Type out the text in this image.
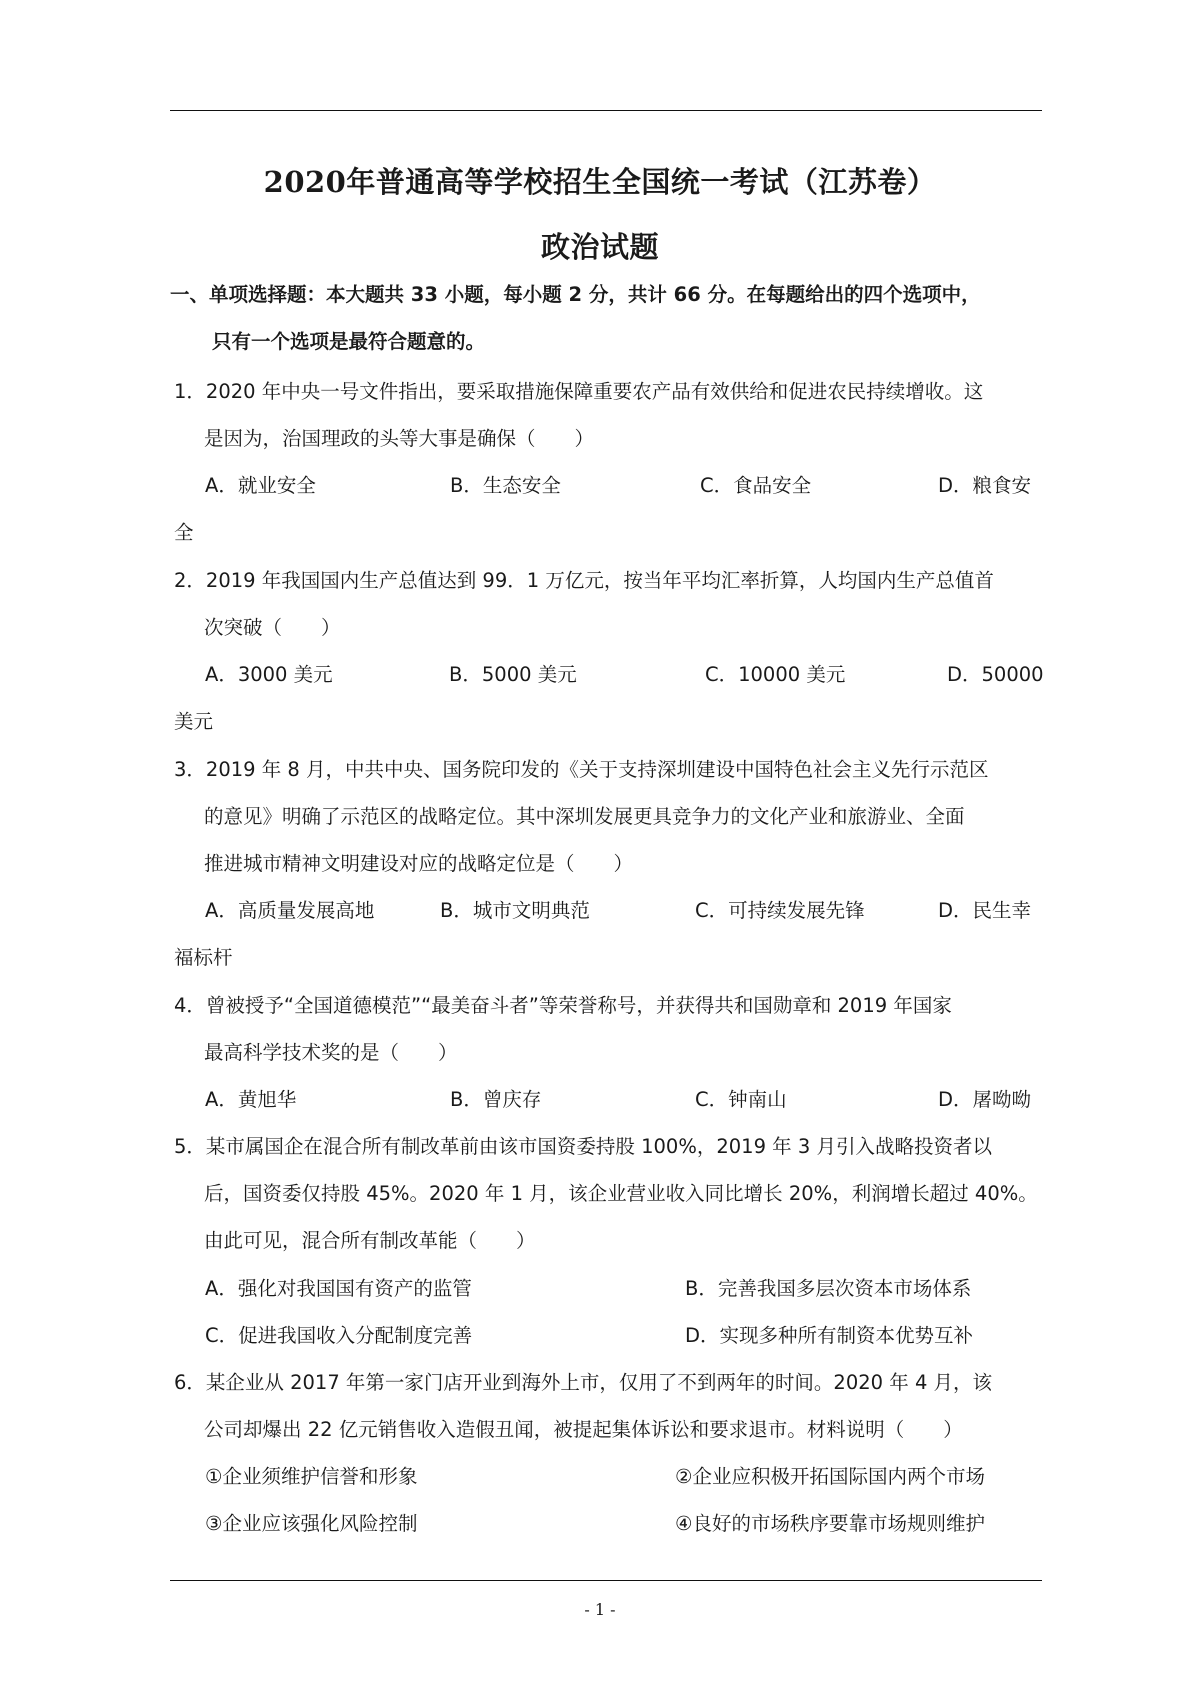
2020年普通高等学校招生全国统一考试（江苏卷）
政治试题
一、单项选择题：本大题共 33 小题，每小题 2 分，共计 66 分。在每题给出的四个选项中，
只有一个选项是最符合题意的。
1．2020 年中央一号文件指出，要采取措施保障重要农产品有效供给和促进农民持续增收。这
是因为，治国理政的头等大事是确保（　　）
A．就业安全	B．生态安全	C．食品安全	D．粮食安
全
2．2019 年我国国内生产总值达到 99．1 万亿元，按当年平均汇率折算，人均国内生产总值首
次突破（　　）
A．3000 美元	B．5000 美元	C．10000 美元	D．50000
美元
3．2019 年 8 月，中共中央、国务院印发的《关于支持深圳建设中国特色社会主义先行示范区
的意见》明确了示范区的战略定位。其中深圳发展更具竞争力的文化产业和旅游业、全面
推进城市精神文明建设对应的战略定位是（　　）
A．高质量发展高地	B．城市文明典范	C．可持续发展先锋	D．民生幸
福标杆
4．曾被授予“全国道德模范”“最美奋斗者”等荣誉称号，并获得共和国勋章和 2019 年国家
最高科学技术奖的是（　　）
A．黄旭华	B．曾庆存	C．钟南山	D．屠呦呦
5．某市属国企在混合所有制改革前由该市国资委持股 100%，2019 年 3 月引入战略投资者以
后，国资委仅持股 45%。2020 年 1 月，该企业营业收入同比增长 20%，利润增长超过 40%。
由此可见，混合所有制改革能（　　）
A．强化对我国国有资产的监管	B．完善我国多层次资本市场体系
C．促进我国收入分配制度完善	D．实现多种所有制资本优势互补
6．某企业从 2017 年第一家门店开业到海外上市，仅用了不到两年的时间。2020 年 4 月，该
公司却爆出 22 亿元销售收入造假丑闻，被提起集体诉讼和要求退市。材料说明（　　）
①企业须维护信誉和形象	②企业应积极开拓国际国内两个市场
③企业应该强化风险控制	④良好的市场秩序要靠市场规则维护
- 1 -
